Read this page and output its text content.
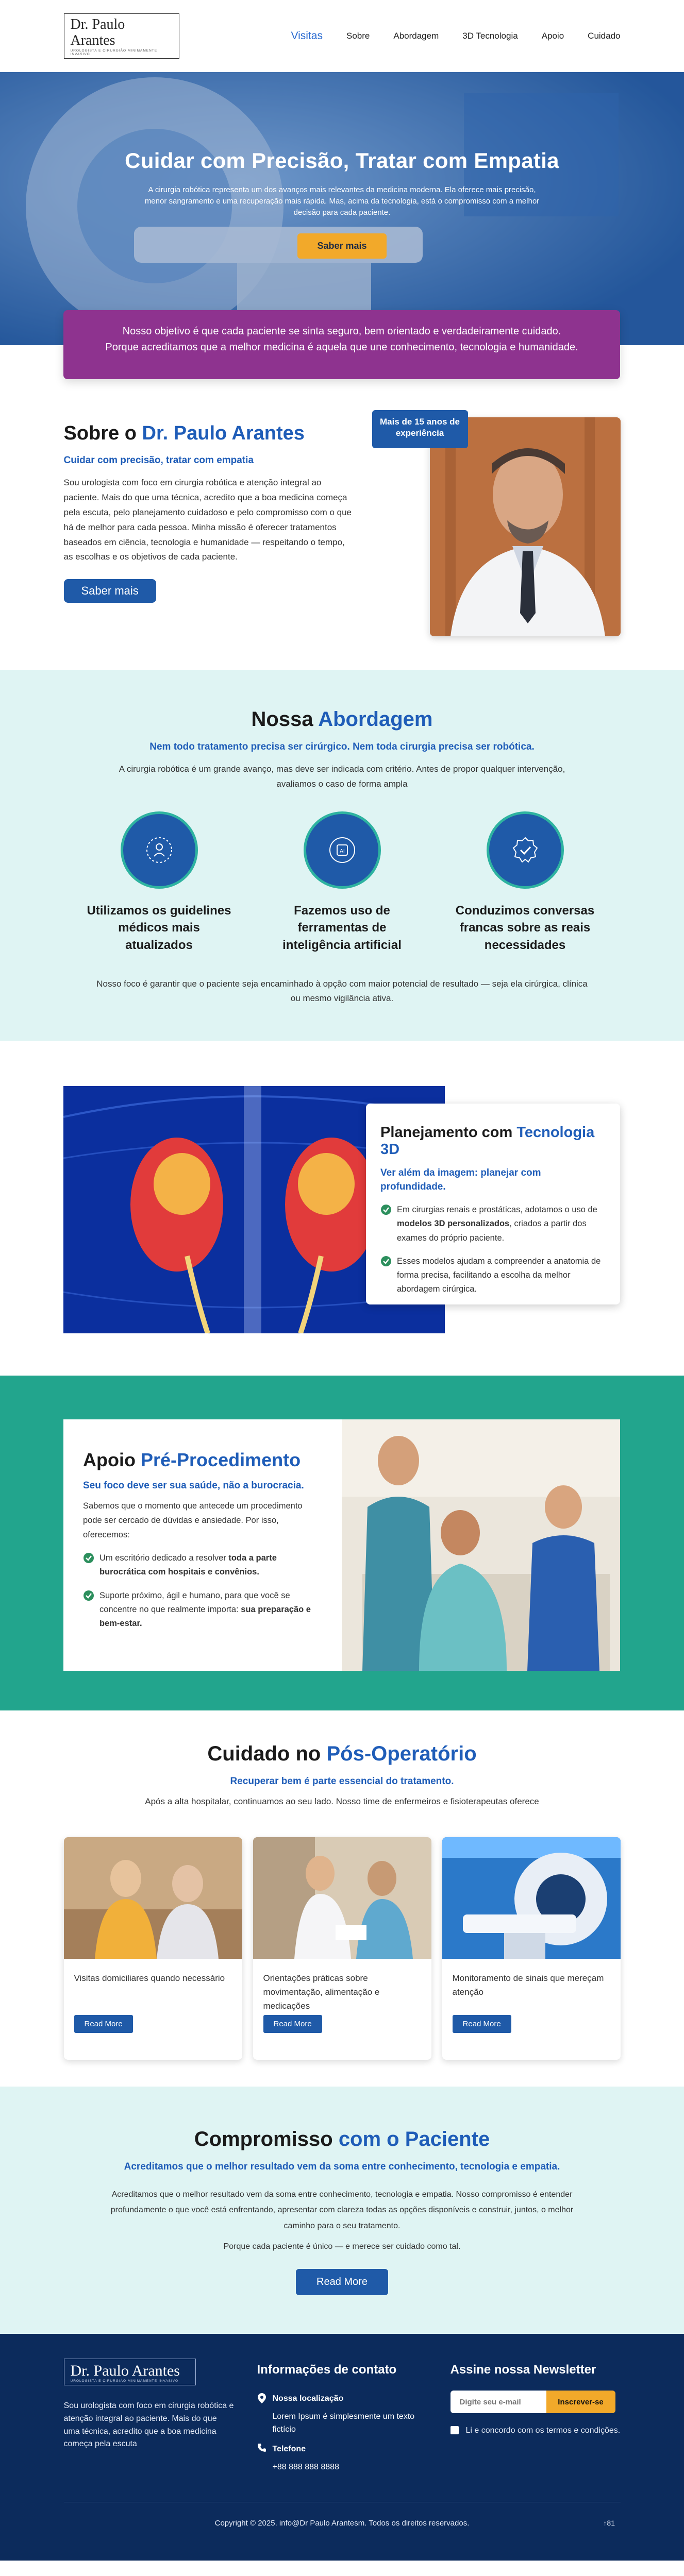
Dr. Paulo Arantes
UROLOGISTA E CIRURGIÃO MINIMAMENTE INVASIVO
Visitas	Sobre	Abordagem	3D Tecnologia	Apoio	Cuidado
Cuidar com Precisão, Tratar com Empatia

A cirurgia robótica representa um dos avanços mais relevantes da medicina moderna. Ela oferece mais precisão, menor sangramento e uma recuperação mais rápida. Mas, acima da tecnologia, está o compromisso com a melhor decisão para cada paciente.

Saber mais
Nosso objetivo é que cada paciente se sinta seguro, bem orientado e verdadeiramente cuidado. Porque acreditamos que a melhor medicina é aquela que une conhecimento, tecnologia e humanidade.
Sobre o Dr. Paulo Arantes
Cuidar com precisão, tratar com empatia

Sou urologista com foco em cirurgia robótica e atenção integral ao paciente. Mais do que uma técnica, acredito que a boa medicina começa pela escuta, pelo planejamento cuidadoso e pelo compromisso com o que há de melhor para cada pessoa. Minha missão é oferecer tratamentos baseados em ciência, tecnologia e humanidade — respeitando o tempo, as escolhas e os objetivos de cada paciente.

Saber mais
Mais de 15 anos de experiência
Nossa Abordagem
Nem todo tratamento precisa ser cirúrgico. Nem toda cirurgia precisa ser robótica.

A cirurgia robótica é um grande avanço, mas deve ser indicada com critério. Antes de propor qualquer intervenção, avaliamos o caso de forma ampla

Utilizamos os guidelines médicos mais atualizados
AI
Fazemos uso de ferramentas de inteligência artificial
Conduzimos conversas francas sobre as reais necessidades

Nosso foco é garantir que o paciente seja encaminhado à opção com maior potencial de resultado — seja ela cirúrgica, clínica ou mesmo vigilância ativa.

Planejamento com Tecnologia 3D
Ver além da imagem: planejar com profundidade.
Em cirurgias renais e prostáticas, adotamos o uso de modelos 3D personalizados, criados a partir dos exames do próprio paciente.
Esses modelos ajudam a compreender a anatomia de forma precisa, facilitando a escolha da melhor abordagem cirúrgica.
Apoio Pré-Procedimento
Seu foco deve ser sua saúde, não a burocracia.

Sabemos que o momento que antecede um procedimento pode ser cercado de dúvidas e ansiedade. Por isso, oferecemos:

Um escritório dedicado a resolver toda a parte burocrática com hospitais e convênios.
Suporte próximo, ágil e humano, para que você se concentre no que realmente importa: sua preparação e bem-estar.
Cuidado no Pós-Operatório
Recuperar bem é parte essencial do tratamento.

Após a alta hospitalar, continuamos ao seu lado. Nosso time de enfermeiros e fisioterapeutas oferece

Visitas domiciliares quando necessário
Read More
Orientações práticas sobre movimentação, alimentação e medicações
Read More
Monitoramento de sinais que mereçam atenção
Read More
Compromisso com o Paciente
Acreditamos que o melhor resultado vem da soma entre conhecimento, tecnologia e empatia.

Acreditamos que o melhor resultado vem da soma entre conhecimento, tecnologia e empatia. Nosso compromisso é entender profundamente o que você está enfrentando, apresentar com clareza todas as opções disponíveis e construir, juntos, o melhor caminho para o seu tratamento.

Porque cada paciente é único — e merece ser cuidado como tal.

Read More
Dr. Paulo Arantes
UROLOGISTA E CIRURGIÃO MINIMAMENTE INVASIVO

Sou urologista com foco em cirurgia robótica e atenção integral ao paciente. Mais do que uma técnica, acredito que a boa medicina começa pela escuta

Informações de contato
Nossa localização
Lorem Ipsum é simplesmente um texto fictício
Telefone
+88 888 888 8888
Assine nossa Newsletter
Digite seu e-mail
Inscrever-se
Li e concordo com os termos e condições.
Copyright © 2025. info@Dr Paulo Arantesm. Todos os direitos reservados.	↑81
